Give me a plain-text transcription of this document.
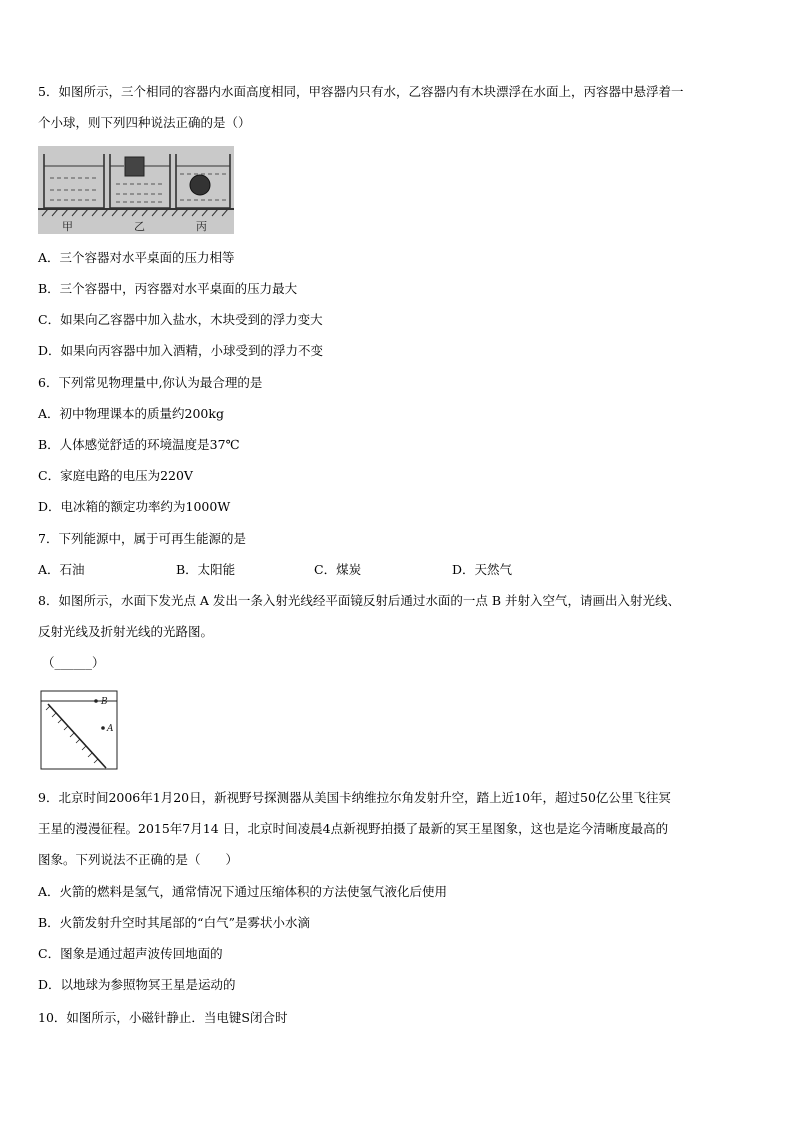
5．如图所示，三个相同的容器内水面高度相同，甲容器内只有水，乙容器内有木块漂浮在水面上，丙容器中悬浮着一
个小球，则下列四种说法正确的是（）
甲	乙	丙
A．三个容器对水平桌面的压力相等
B．三个容器中，丙容器对水平桌面的压力最大
C．如果向乙容器中加入盐水，木块受到的浮力变大
D．如果向丙容器中加入酒精，小球受到的浮力不变
6．下列常见物理量中,你认为最合理的是
A．初中物理课本的质量约200kg
B．人体感觉舒适的环境温度是37℃
C．家庭电路的电压为220V
D．电冰箱的额定功率约为1000W
7．下列能源中，属于可再生能源的是
A．石油	B．太阳能	C．煤炭	D．天然气
8．如图所示，水面下发光点 A 发出一条入射光线经平面镜反射后通过水面的一点 B 并射入空气，请画出入射光线、
反射光线及折射光线的光路图。
（______）
B
A
9．北京时间2006年1月20日，新视野号探测器从美国卡纳维拉尔角发射升空，踏上近10年，超过50亿公里飞往冥
王星的漫漫征程。2015年7月14 日，北京时间凌晨4点新视野拍摄了最新的冥王星图象，这也是迄今清晰度最高的
图象。下列说法不正确的是（　　）
A．火箭的燃料是氢气，通常情况下通过压缩体积的方法使氢气液化后使用
B．火箭发射升空时其尾部的“白气”是雾状小水滴
C．图象是通过超声波传回地面的
D．以地球为参照物冥王星是运动的
10．如图所示，小磁针静止．当电键S闭合时
